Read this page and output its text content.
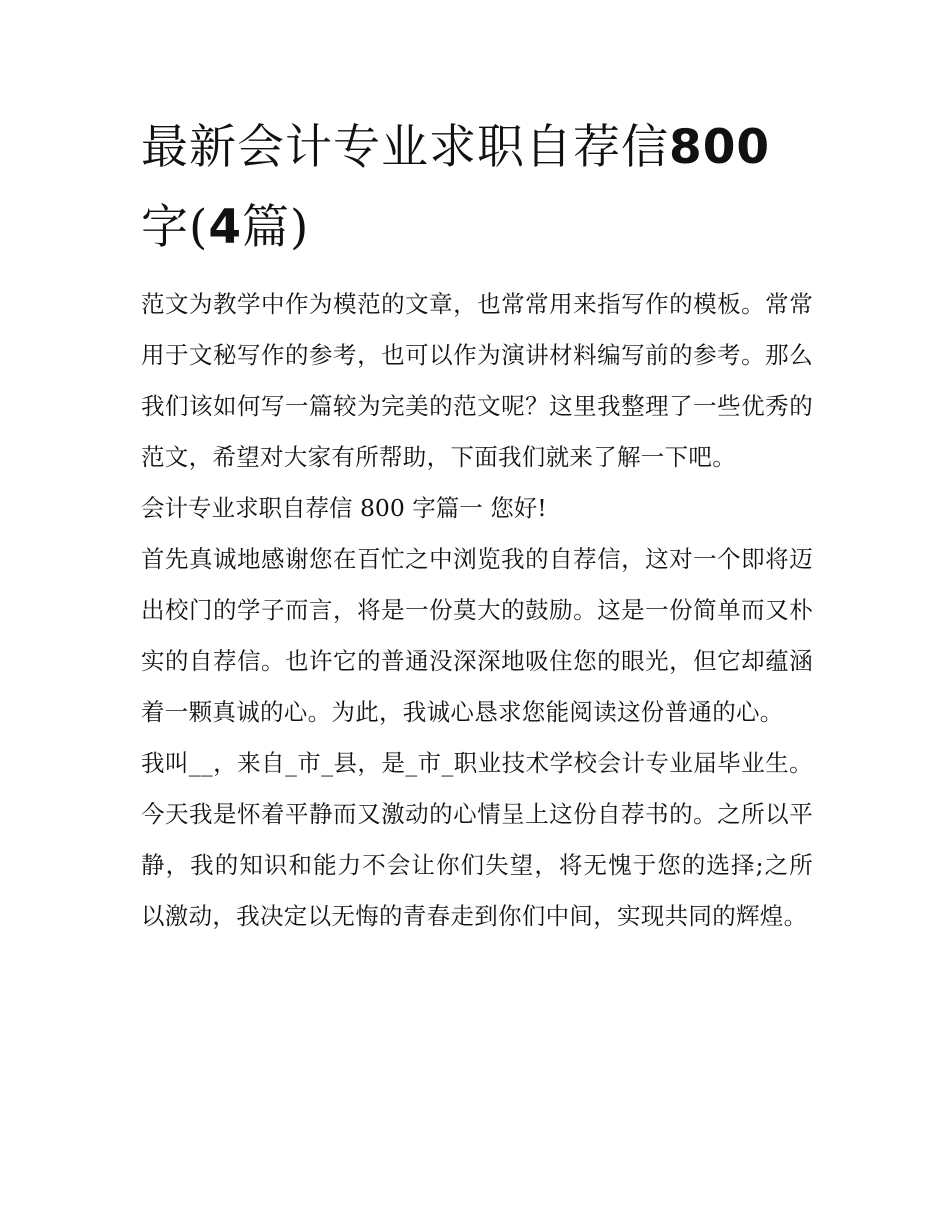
最新会计专业求职自荐信800
字(4篇)

范文为教学中作为模范的文章，也常常用来指写作的模板。常常用于文秘写作的参考，也可以作为演讲材料编写前的参考。那么我们该如何写一篇较为完美的范文呢？这里我整理了一些优秀的范文，希望对大家有所帮助，下面我们就来了解一下吧。

会计专业求职自荐信 800 字篇一 您好!

首先真诚地感谢您在百忙之中浏览我的自荐信，这对一个即将迈出校门的学子而言，将是一份莫大的鼓励。这是一份简单而又朴实的自荐信。也许它的普通没深深地吸住您的眼光，但它却蕴涵着一颗真诚的心。为此，我诚心恳求您能阅读这份普通的心。

我叫__，来自_市_县，是_市_职业技术学校会计专业届毕业生。今天我是怀着平静而又激动的心情呈上这份自荐书的。之所以平静，我的知识和能力不会让你们失望，将无愧于您的选择;之所以激动，我决定以无悔的青春走到你们中间，实现共同的辉煌。
